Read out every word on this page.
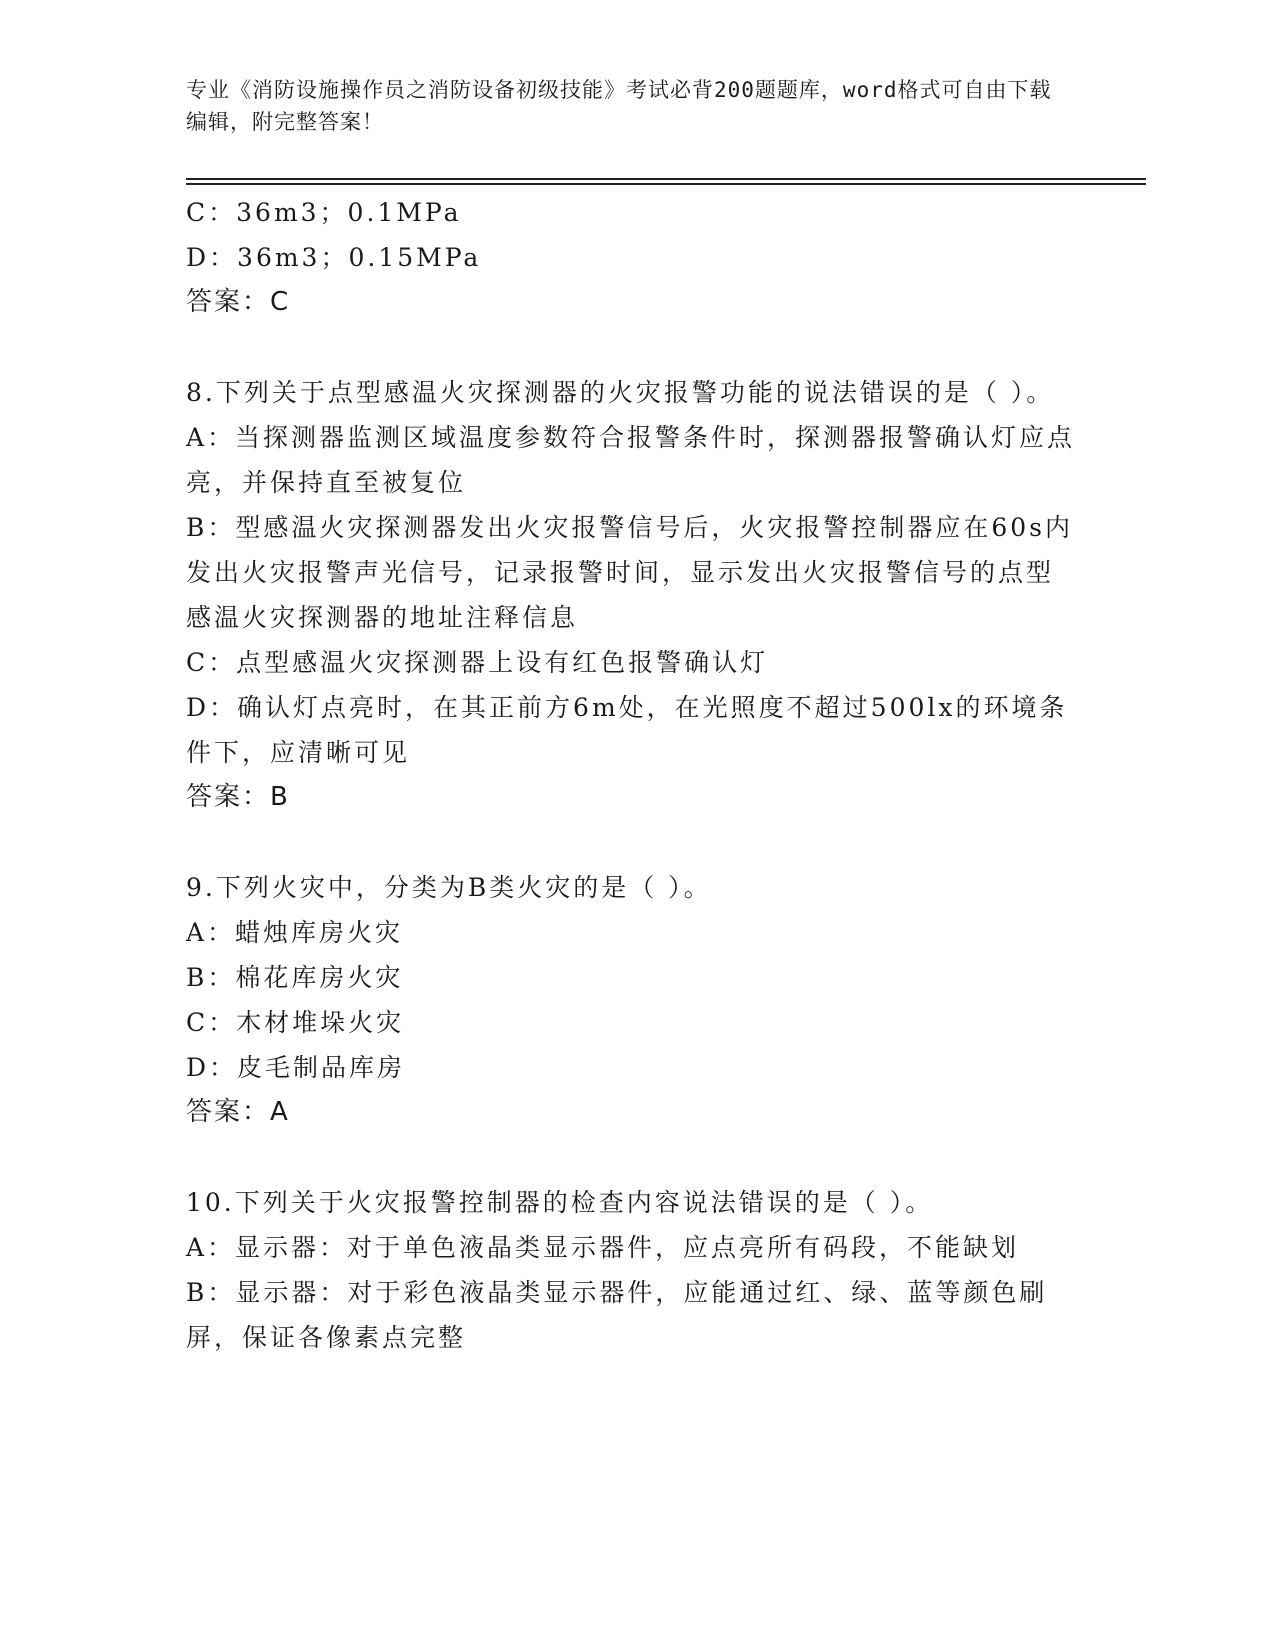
专业《消防设施操作员之消防设备初级技能》考试必背200题题库，word格式可自由下载编辑，附完整答案！

C：36m3；0.1MPa

D：36m3；0.15MPa

答案：C

8.下列关于点型感温火灾探测器的火灾报警功能的说法错误的是（ ）。

A：当探测器监测区域温度参数符合报警条件时，探测器报警确认灯应点亮，并保持直至被复位

B：型感温火灾探测器发出火灾报警信号后，火灾报警控制器应在60s内发出火灾报警声光信号，记录报警时间，显示发出火灾报警信号的点型感温火灾探测器的地址注释信息

C：点型感温火灾探测器上设有红色报警确认灯

D：确认灯点亮时，在其正前方6m处，在光照度不超过500lx的环境条件下，应清晰可见

答案：B

9.下列火灾中，分类为B类火灾的是（ ）。

A：蜡烛库房火灾

B：棉花库房火灾

C：木材堆垛火灾

D：皮毛制品库房

答案：A

10.下列关于火灾报警控制器的检查内容说法错误的是（ ）。

A：显示器：对于单色液晶类显示器件，应点亮所有码段，不能缺划

B：显示器：对于彩色液晶类显示器件，应能通过红、绿、蓝等颜色刷屏，保证各像素点完整
